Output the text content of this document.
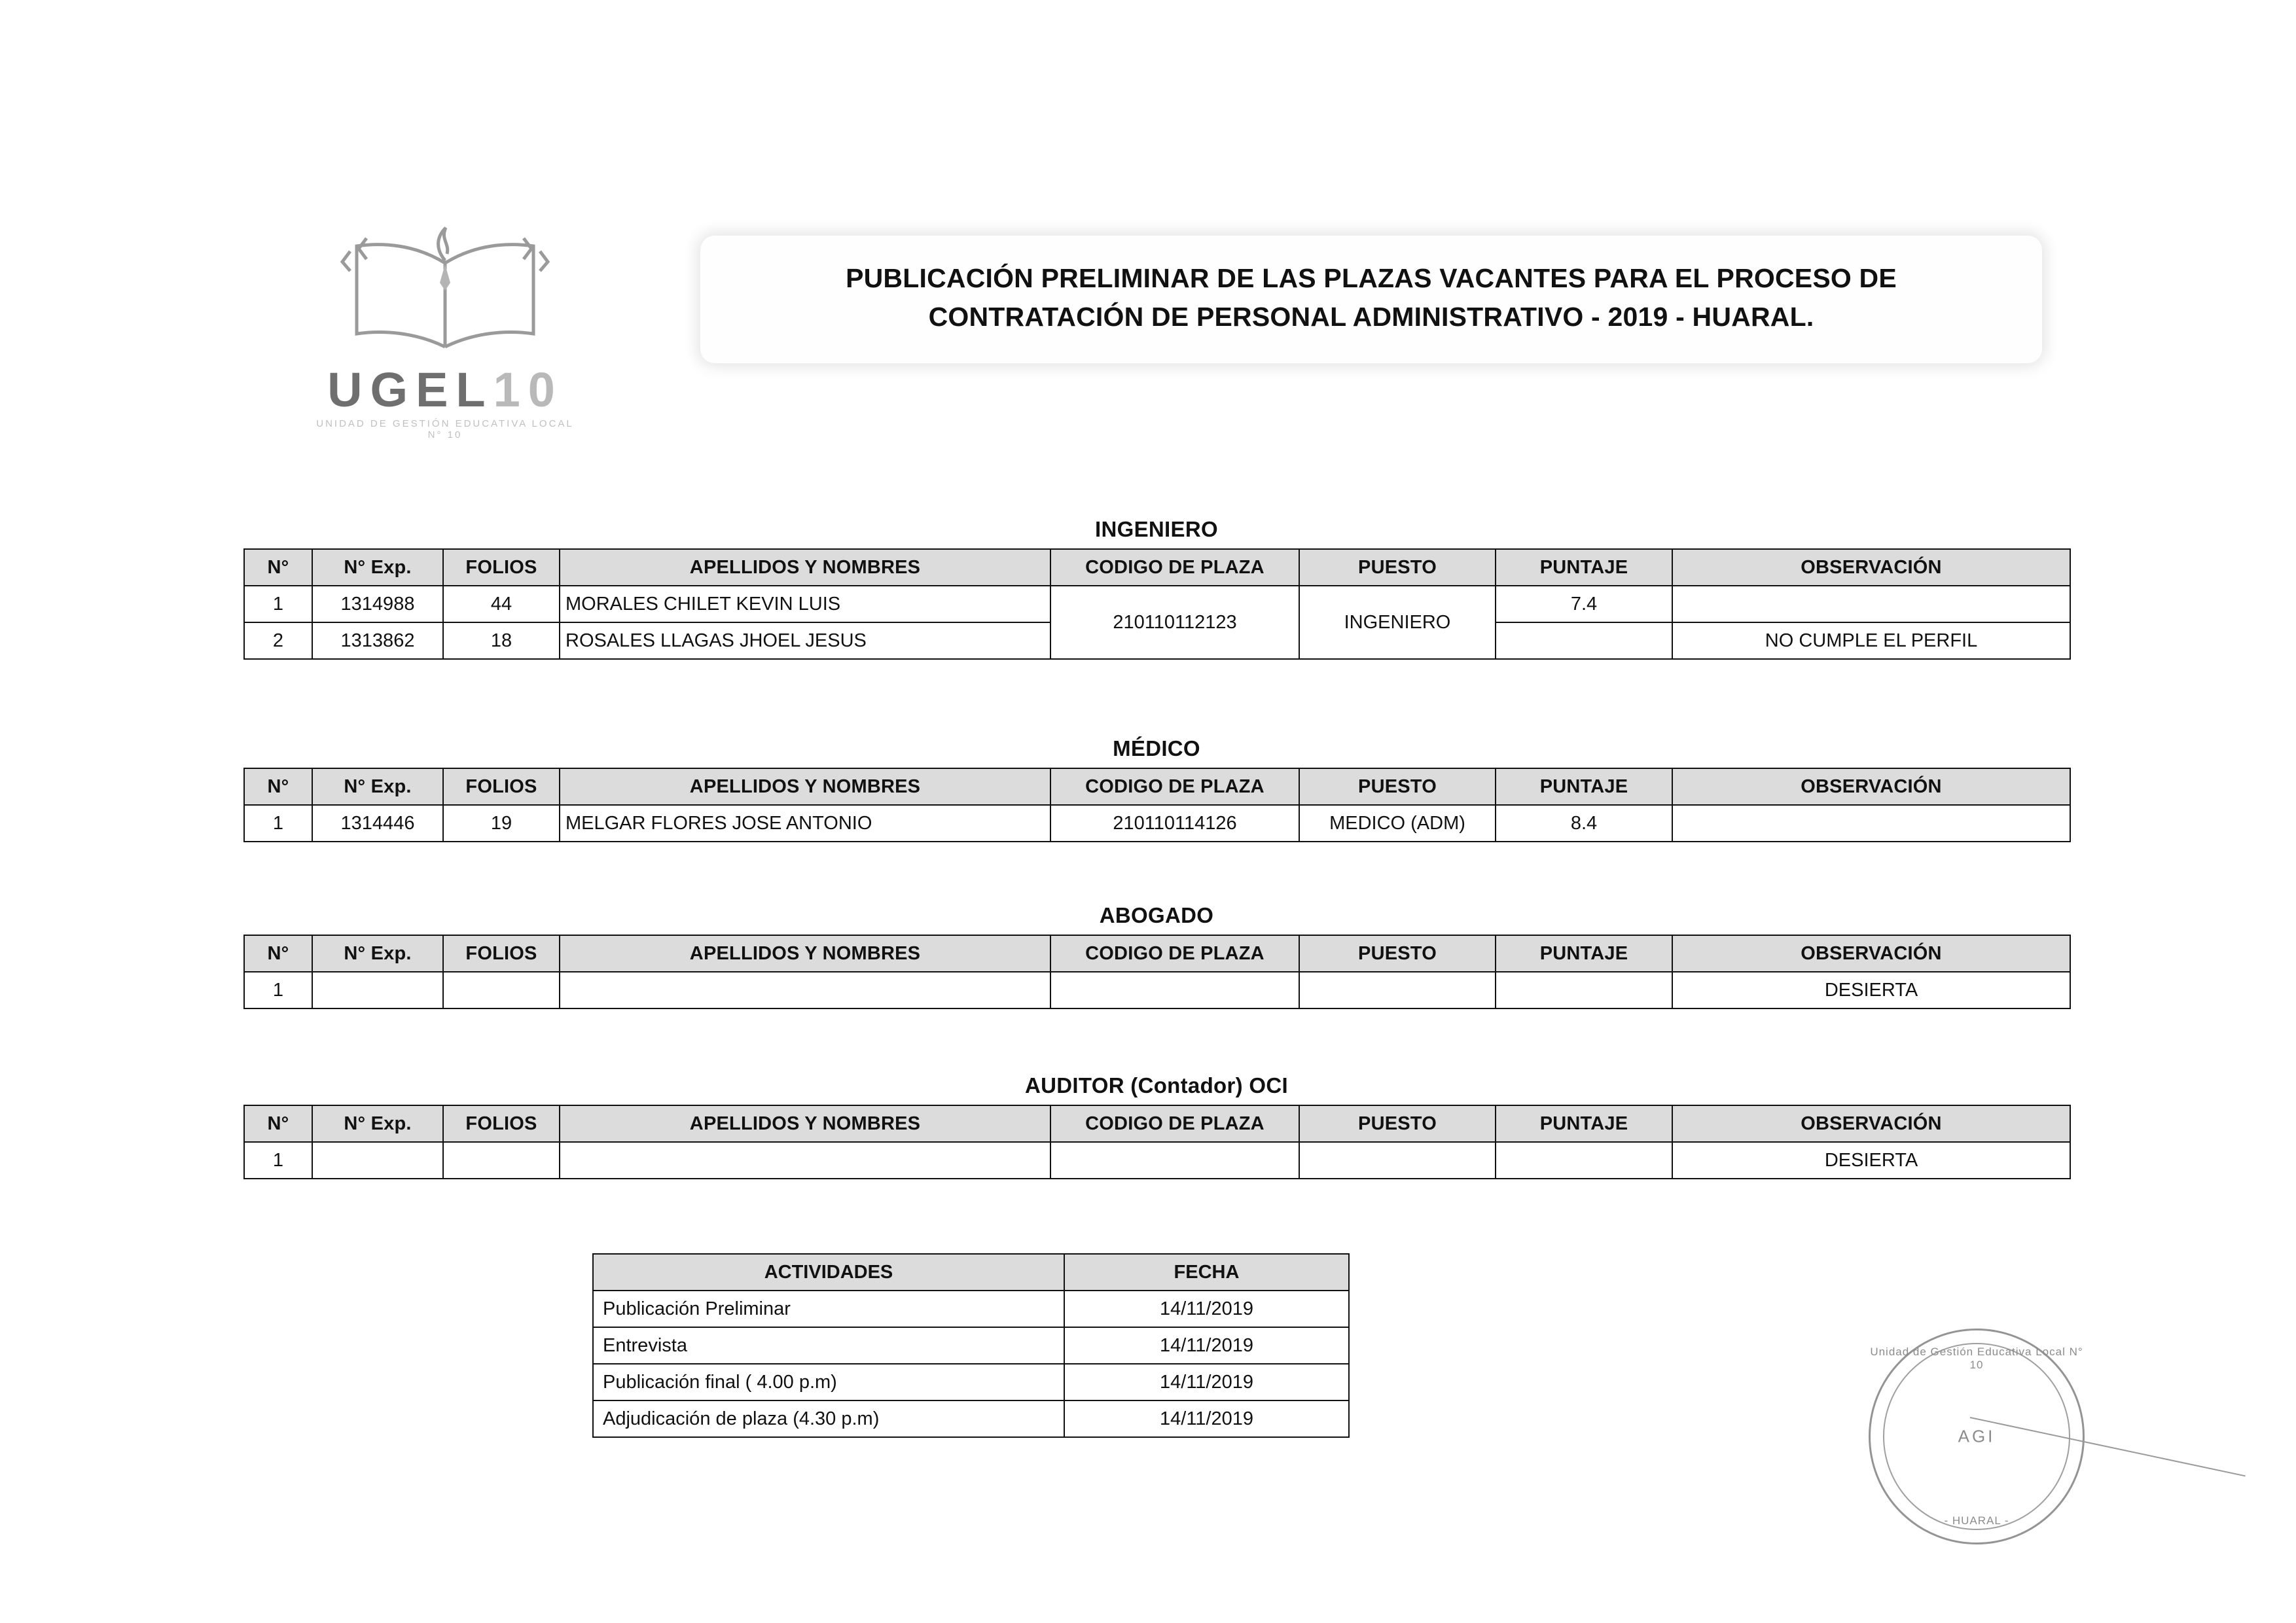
UGEL10
UNIDAD DE GESTIÓN EDUCATIVA LOCAL N° 10
PUBLICACIÓN PRELIMINAR DE LAS PLAZAS VACANTES PARA EL PROCESO DE
CONTRATACIÓN DE PERSONAL ADMINISTRATIVO - 2019 - HUARAL.
INGENIERO
N°	N° Exp.	FOLIOS	APELLIDOS Y NOMBRES	CODIGO DE PLAZA	PUESTO	PUNTAJE	OBSERVACIÓN
1	1314988	44	MORALES CHILET KEVIN LUIS	210110112123	INGENIERO	7.4	
2	1313862	18	ROSALES LLAGAS JHOEL JESUS				NO CUMPLE EL PERFIL
MÉDICO
N°	N° Exp.	FOLIOS	APELLIDOS Y NOMBRES	CODIGO DE PLAZA	PUESTO	PUNTAJE	OBSERVACIÓN
1	1314446	19	MELGAR FLORES JOSE ANTONIO	210110114126	MEDICO (ADM)	8.4	
ABOGADO
N°	N° Exp.	FOLIOS	APELLIDOS Y NOMBRES	CODIGO DE PLAZA	PUESTO	PUNTAJE	OBSERVACIÓN
1							DESIERTA
AUDITOR (Contador) OCI
N°	N° Exp.	FOLIOS	APELLIDOS Y NOMBRES	CODIGO DE PLAZA	PUESTO	PUNTAJE	OBSERVACIÓN
1							DESIERTA
ACTIVIDADES	FECHA
Publicación Preliminar	14/11/2019
Entrevista	14/11/2019
Publicación final ( 4.00 p.m)	14/11/2019
Adjudicación de plaza (4.30 p.m)	14/11/2019
Unidad de Gestión Educativa Local N° 10
AGI
- HUARAL -
